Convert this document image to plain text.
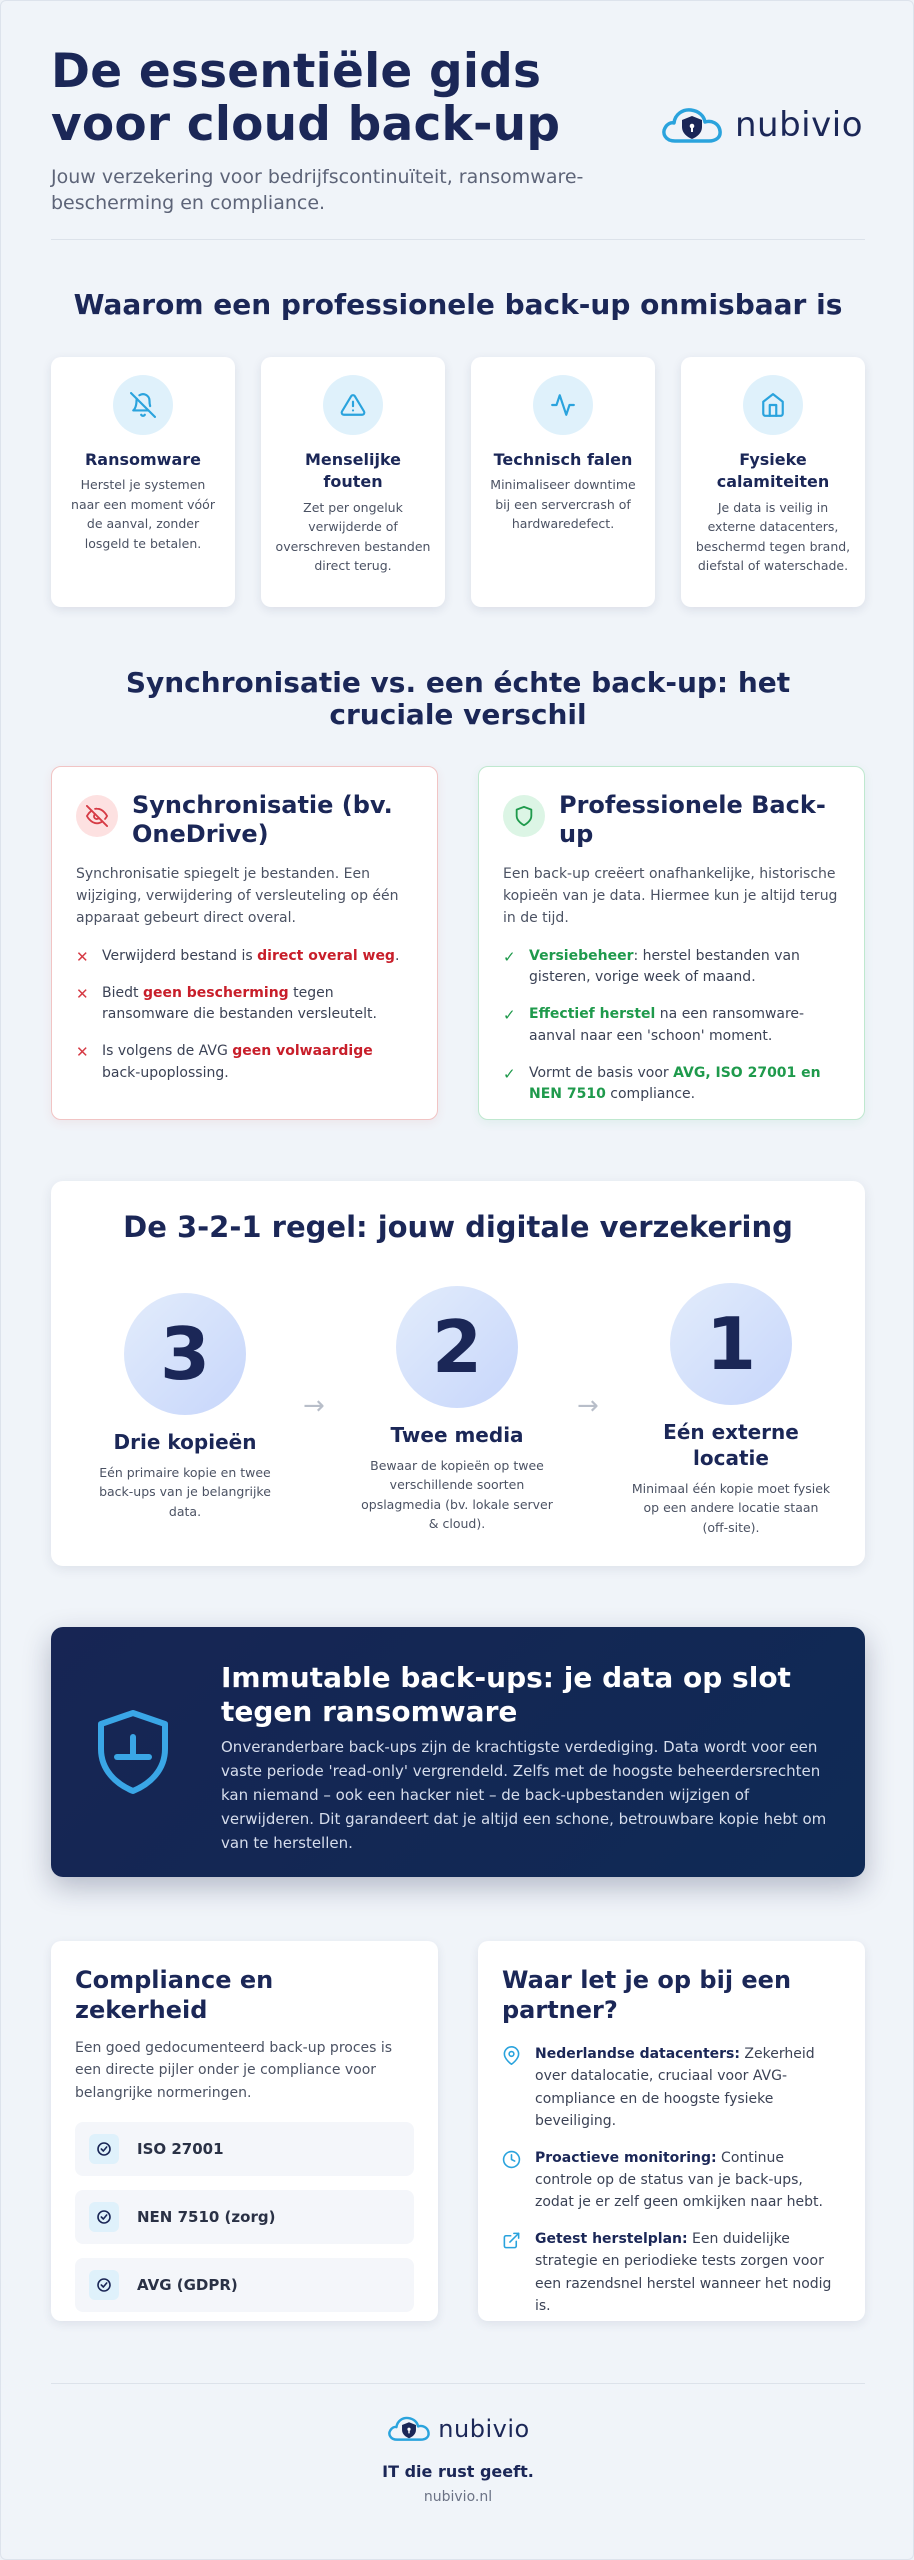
De essentiële gids voor cloud back-up

Jouw verzekering voor bedrijfscontinuïteit, ransomware-bescherming en compliance.

nubivio
Waarom een professionele back-up onmisbaar is
Ransomware

Herstel je systemen naar een moment vóór de aanval, zonder losgeld te betalen.

Menselijke fouten

Zet per ongeluk verwijderde of overschreven bestanden direct terug.

Technisch falen

Minimaliseer downtime bij een servercrash of hardwaredefect.

Fysieke calamiteiten

Je data is veilig in externe datacenters, beschermd tegen brand, diefstal of waterschade.

Synchronisatie vs. een échte back-up: het cruciale verschil
Synchronisatie (bv. OneDrive)

Synchronisatie spiegelt je bestanden. Een wijziging, verwijdering of versleuteling op één apparaat gebeurt direct overal.

✕ Verwijderd bestand is direct overal weg.
✕ Biedt geen bescherming tegen ransomware die bestanden versleutelt.
✕ Is volgens de AVG geen volwaardige back-upoplossing.
Professionele Back-up

Een back-up creëert onafhankelijke, historische kopieën van je data. Hiermee kun je altijd terug in de tijd.

✓ Versiebeheer: herstel bestanden van gisteren, vorige week of maand.
✓ Effectief herstel na een ransomware-aanval naar een 'schoon' moment.
✓ Vormt de basis voor AVG, ISO 27001 en NEN 7510 compliance.
De 3-2-1 regel: jouw digitale verzekering
3
Drie kopieën

Eén primaire kopie en twee back-ups van je belangrijke data.

→
2
Twee media

Bewaar de kopieën op twee verschillende soorten opslagmedia (bv. lokale server & cloud).

→
1
Eén externe locatie

Minimaal één kopie moet fysiek op een andere locatie staan (off-site).

Immutable back-ups: je data op slot tegen ransomware

Onveranderbare back-ups zijn de krachtigste verdediging. Data wordt voor een vaste periode 'read-only' vergrendeld. Zelfs met de hoogste beheerdersrechten kan niemand – ook een hacker niet – de back-upbestanden wijzigen of verwijderen. Dit garandeert dat je altijd een schone, betrouwbare kopie hebt om van te herstellen.

Compliance en zekerheid

Een goed gedocumenteerd back-up proces is een directe pijler onder je compliance voor belangrijke normeringen.

ISO 27001
NEN 7510 (zorg)
AVG (GDPR)
Waar let je op bij een partner?
Nederlandse datacenters: Zekerheid over datalocatie, cruciaal voor AVG-compliance en de hoogste fysieke beveiliging.
Proactieve monitoring: Continue controle op de status van je back-ups, zodat je er zelf geen omkijken naar hebt.
Getest herstelplan: Een duidelijke strategie en periodieke tests zorgen voor een razendsnel herstel wanneer het nodig is.
nubivio
IT die rust geeft.
nubivio.nl
